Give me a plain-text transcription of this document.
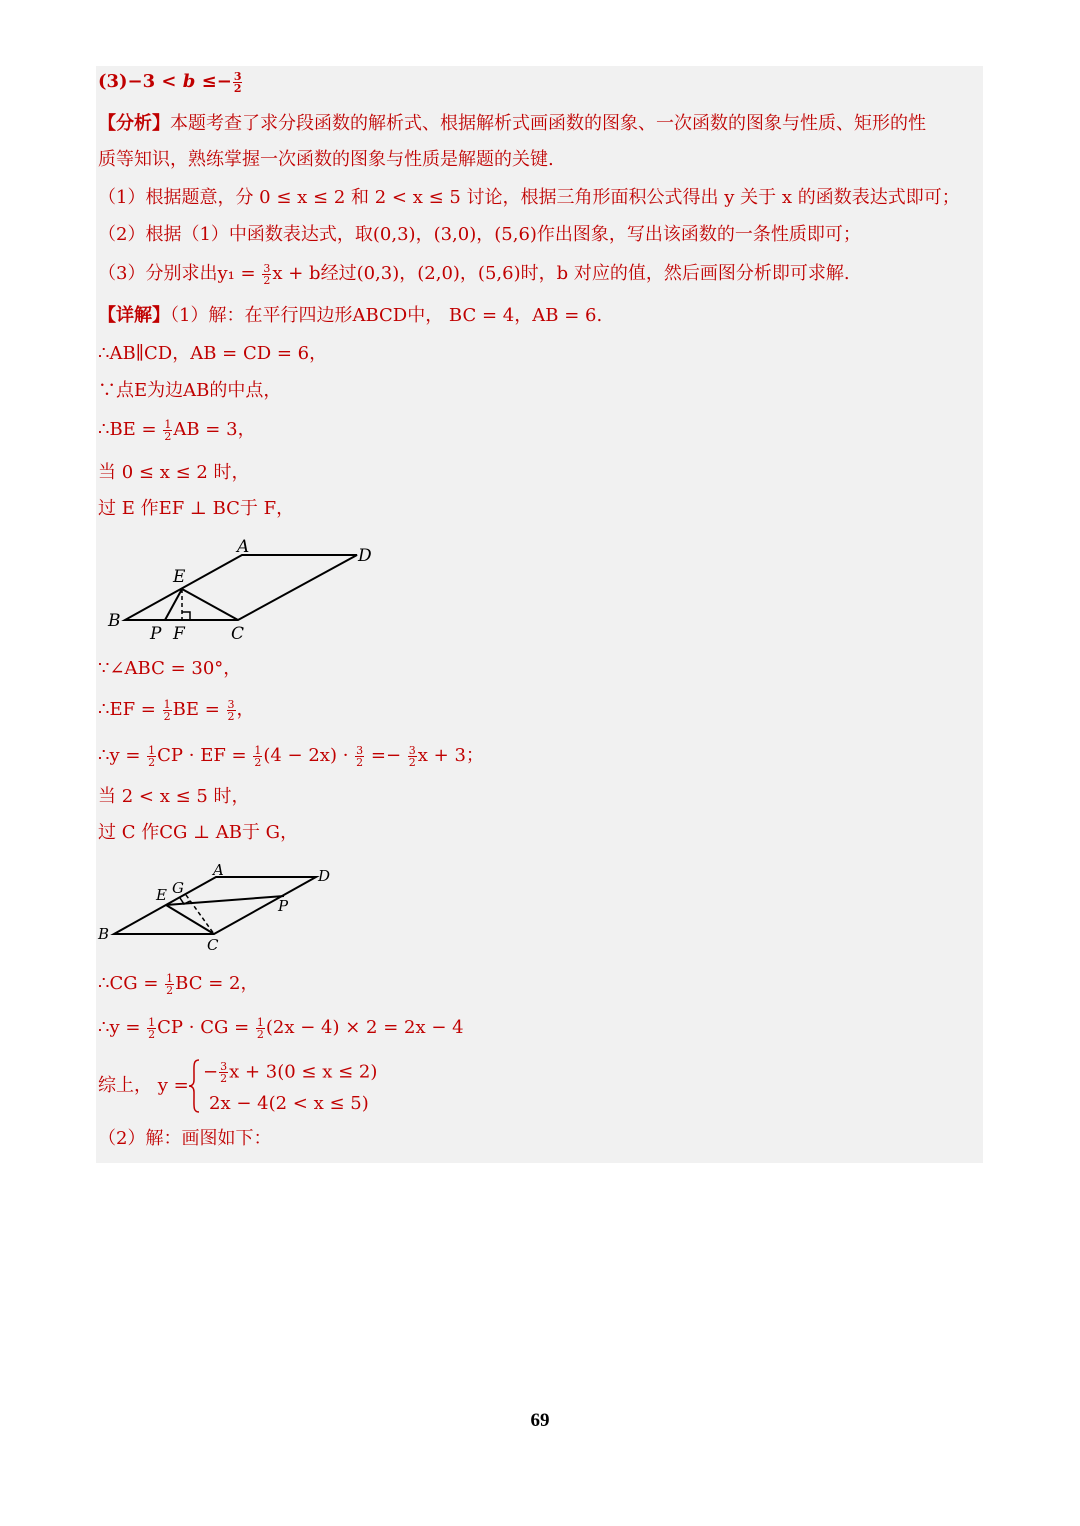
$(3)-3 < b \le- \frac{3}{2}$
【分析】本题考查了求分段函数的解析式、根据解析式画函数的图象、一次函数的图象与性质、矩形的性
质等知识，熟练掌握一次函数的图象与性质是解题的关键.
（1）根据题意，分 0 ≤ x ≤ 2 和 2 < x ≤ 5 讨论，根据三角形面积公式得出 y 关于 x 的函数表达式即可；
（2）根据（1）中函数表达式，取(0,3)，(3,0)，(5,6)作出图象，写出该函数的一条性质即可；
（3）分别求出$y_1 = \frac{3}{2}$ x + b经过(0,3)，(2,0)，(5,6)时，b 对应的值，然后画图分析即可求解.
【详解】（1）解：在平行四边形ABCD中， BC = 4，AB = 6.
∴AB∥CD，AB = CD = 6，
∵点E为边AB的中点，
∴BE = $\frac{1}{2}$ AB = 3，
当 0 ≤ x ≤ 2 时，
过 E 作EF ⊥ BC于 F，
A	D
E
B
P F	C
∵∠ABC = 30°，
∴EF = $\frac{1}{2}$ BE = $\frac{3}{2}$ ，
∴y = $\frac{1}{2}$ CP · EF = $\frac{1}{2} (4 - 2x) \cdot \frac{3}{2} =- \frac{3}{2}$ x + 3；
当 2 < x ≤ 5 时，
过 C 作CG ⊥ AB于 G，
A	D
E G
P
B
C
∴CG = $\frac{1}{2}$ BC = 2，
∴y = $\frac{1}{2}$ CP · CG = $\frac{1}{2} (2x - 4) \times 2 = 2x - 4$
综上， y =
− $\frac{3}{2}$ x + 3(0 ≤ x ≤ 2)
2x − 4(2 < x ≤ 5)
（2）解：画图如下：
69
